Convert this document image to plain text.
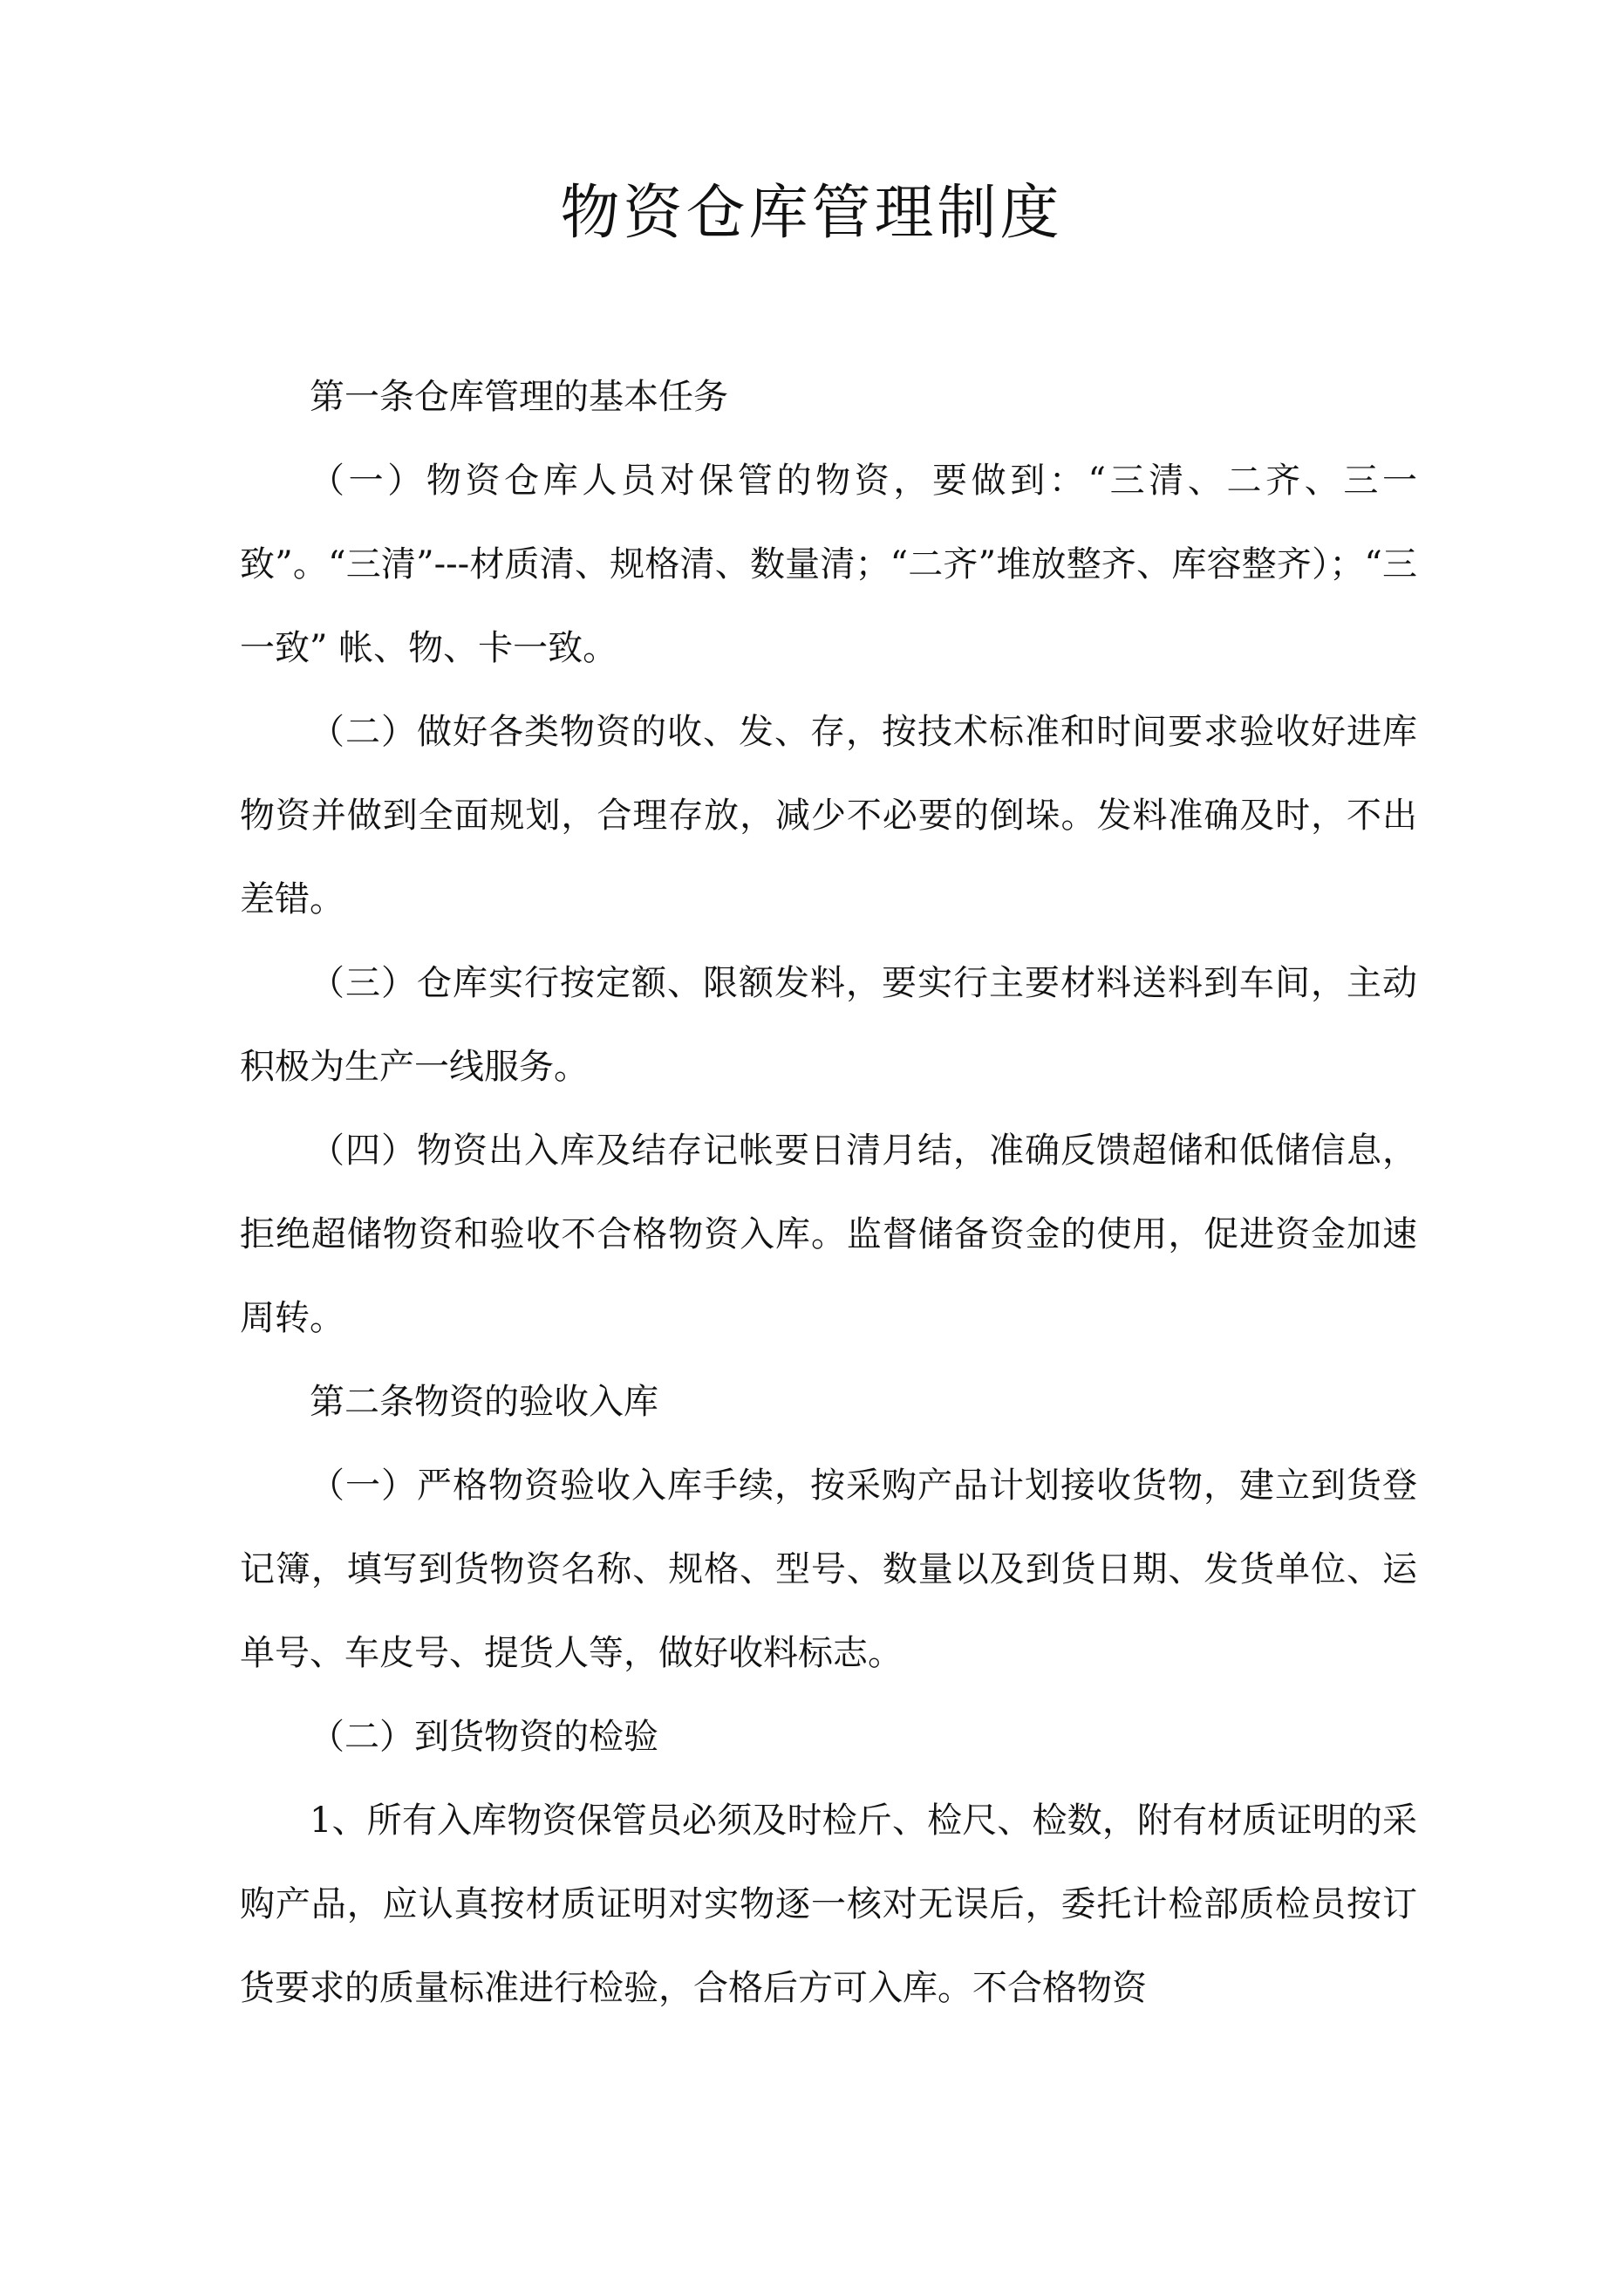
物资仓库管理制度

第一条仓库管理的基本任务

（一）物资仓库人员对保管的物资，要做到：“三清、二齐、三一致”。“三清”---材质清、规格清、数量清；“二齐”堆放整齐、库容整齐）；“三一致” 帐、物、卡一致。

（二）做好各类物资的收、发、存，按技术标准和时间要求验收好进库物资并做到全面规划，合理存放，减少不必要的倒垛。发料准确及时，不出差错。

（三）仓库实行按定额、限额发料，要实行主要材料送料到车间，主动积极为生产一线服务。

（四）物资出入库及结存记帐要日清月结，准确反馈超储和低储信息，拒绝超储物资和验收不合格物资入库。监督储备资金的使用，促进资金加速周转。

第二条物资的验收入库

（一）严格物资验收入库手续，按采购产品计划接收货物，建立到货登记簿，填写到货物资名称、规格、型号、数量以及到货日期、发货单位、运单号、车皮号、提货人等，做好收料标志。

（二）到货物资的检验

1、所有入库物资保管员必须及时检斤、检尺、检数，附有材质证明的采购产品，应认真按材质证明对实物逐一核对无误后，委托计检部质检员按订货要求的质量标准进行检验，合格后方可入库。不合格物资
